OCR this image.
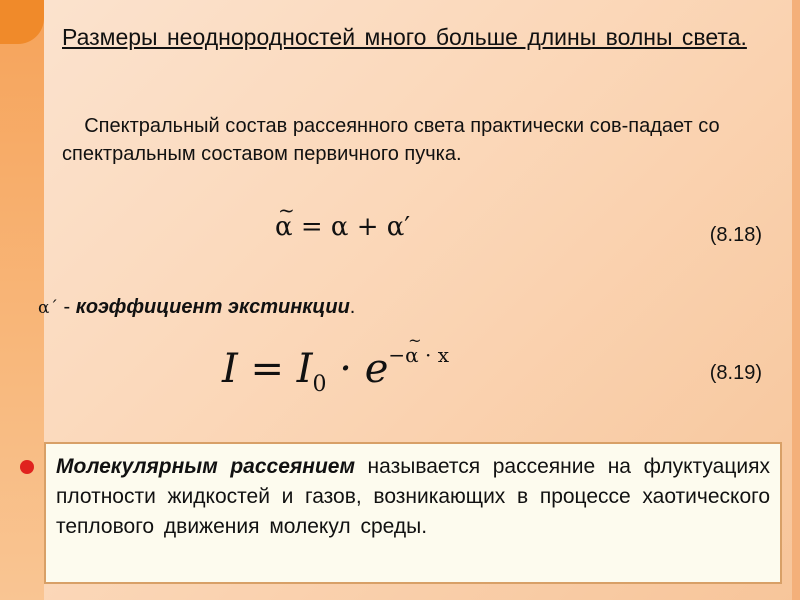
Размеры неоднородностей много больше длины волны света.
Спектральный состав рассеянного света практически сов-падает со спектральным составом первичного пучка.
~ α = α + α′	(8.18)
α´ - коэффициент экстинкции.
$I = I_0 \cdot e^{-\sim \alpha \cdot x}$
(8.19)
Молекулярным рассеянием называется рассеяние на флуктуациях плотности жидкостей и газов, возникающих в процессе хаотического теплового движения молекул среды.
